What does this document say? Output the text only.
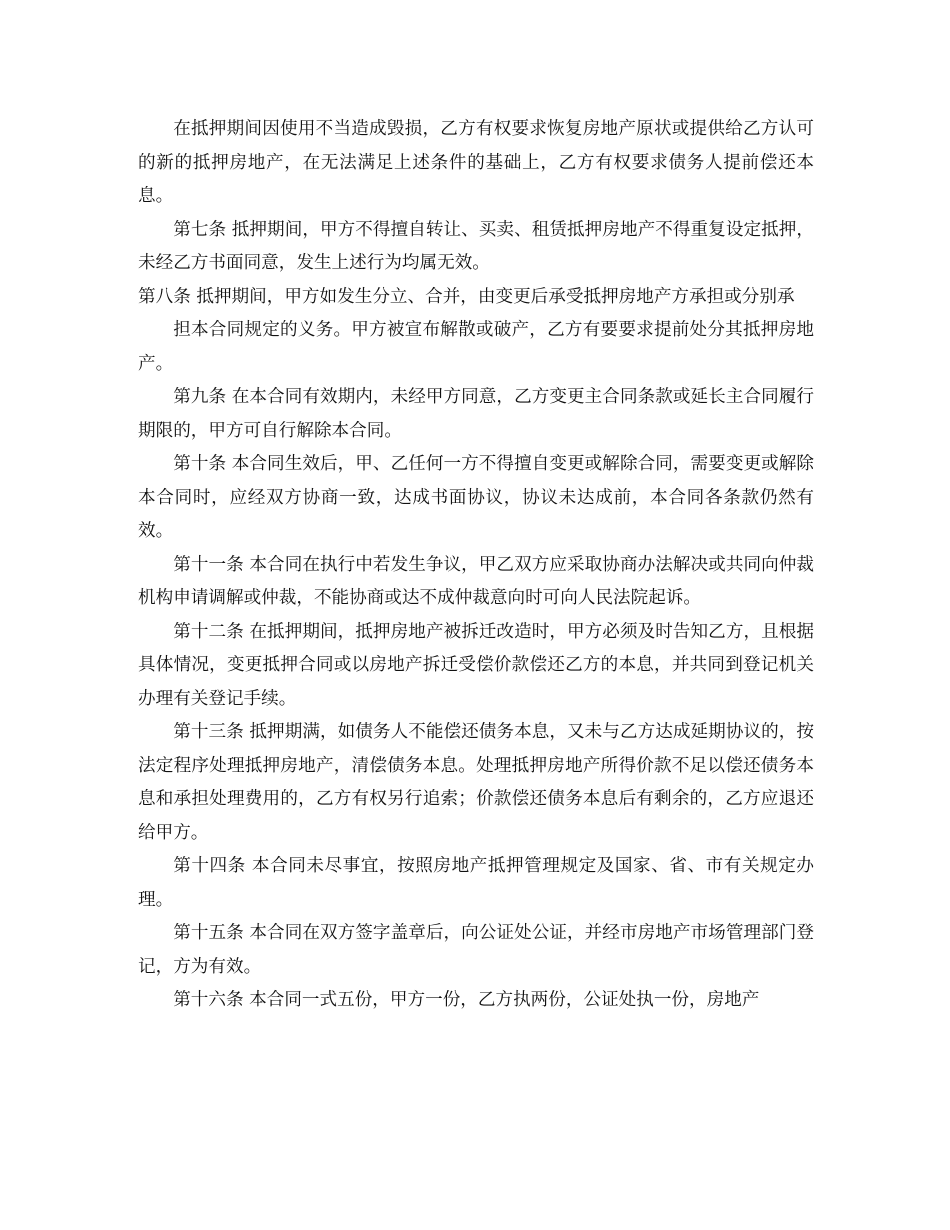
在抵押期间因使用不当造成毁损，乙方有权要求恢复房地产原状或提供给乙方认可的新的抵押房地产，在无法满足上述条件的基础上，乙方有权要求债务人提前偿还本息。

第七条 抵押期间，甲方不得擅自转让、买卖、租赁抵押房地产不得重复设定抵押，未经乙方书面同意，发生上述行为均属无效。

第八条 抵押期间，甲方如发生分立、合并，由变更后承受抵押房地产方承担或分别承

担本合同规定的义务。甲方被宣布解散或破产，乙方有要要求提前处分其抵押房地产。

第九条 在本合同有效期内，未经甲方同意，乙方变更主合同条款或延长主合同履行期限的，甲方可自行解除本合同。

第十条 本合同生效后，甲、乙任何一方不得擅自变更或解除合同，需要变更或解除本合同时，应经双方协商一致，达成书面协议，协议未达成前，本合同各条款仍然有效。

第十一条 本合同在执行中若发生争议，甲乙双方应采取协商办法解决或共同向仲裁机构申请调解或仲裁，不能协商或达不成仲裁意向时可向人民法院起诉。

第十二条 在抵押期间，抵押房地产被拆迁改造时，甲方必须及时告知乙方，且根据具体情况，变更抵押合同或以房地产拆迁受偿价款偿还乙方的本息，并共同到登记机关办理有关登记手续。

第十三条 抵押期满，如债务人不能偿还债务本息，又未与乙方达成延期协议的，按法定程序处理抵押房地产，清偿债务本息。处理抵押房地产所得价款不足以偿还债务本息和承担处理费用的，乙方有权另行追索；价款偿还债务本息后有剩余的，乙方应退还给甲方。

第十四条 本合同未尽事宜，按照房地产抵押管理规定及国家、省、市有关规定办理。

第十五条 本合同在双方签字盖章后，向公证处公证，并经市房地产市场管理部门登记，方为有效。

第十六条 本合同一式五份，甲方一份，乙方执两份，公证处执一份，房地产
